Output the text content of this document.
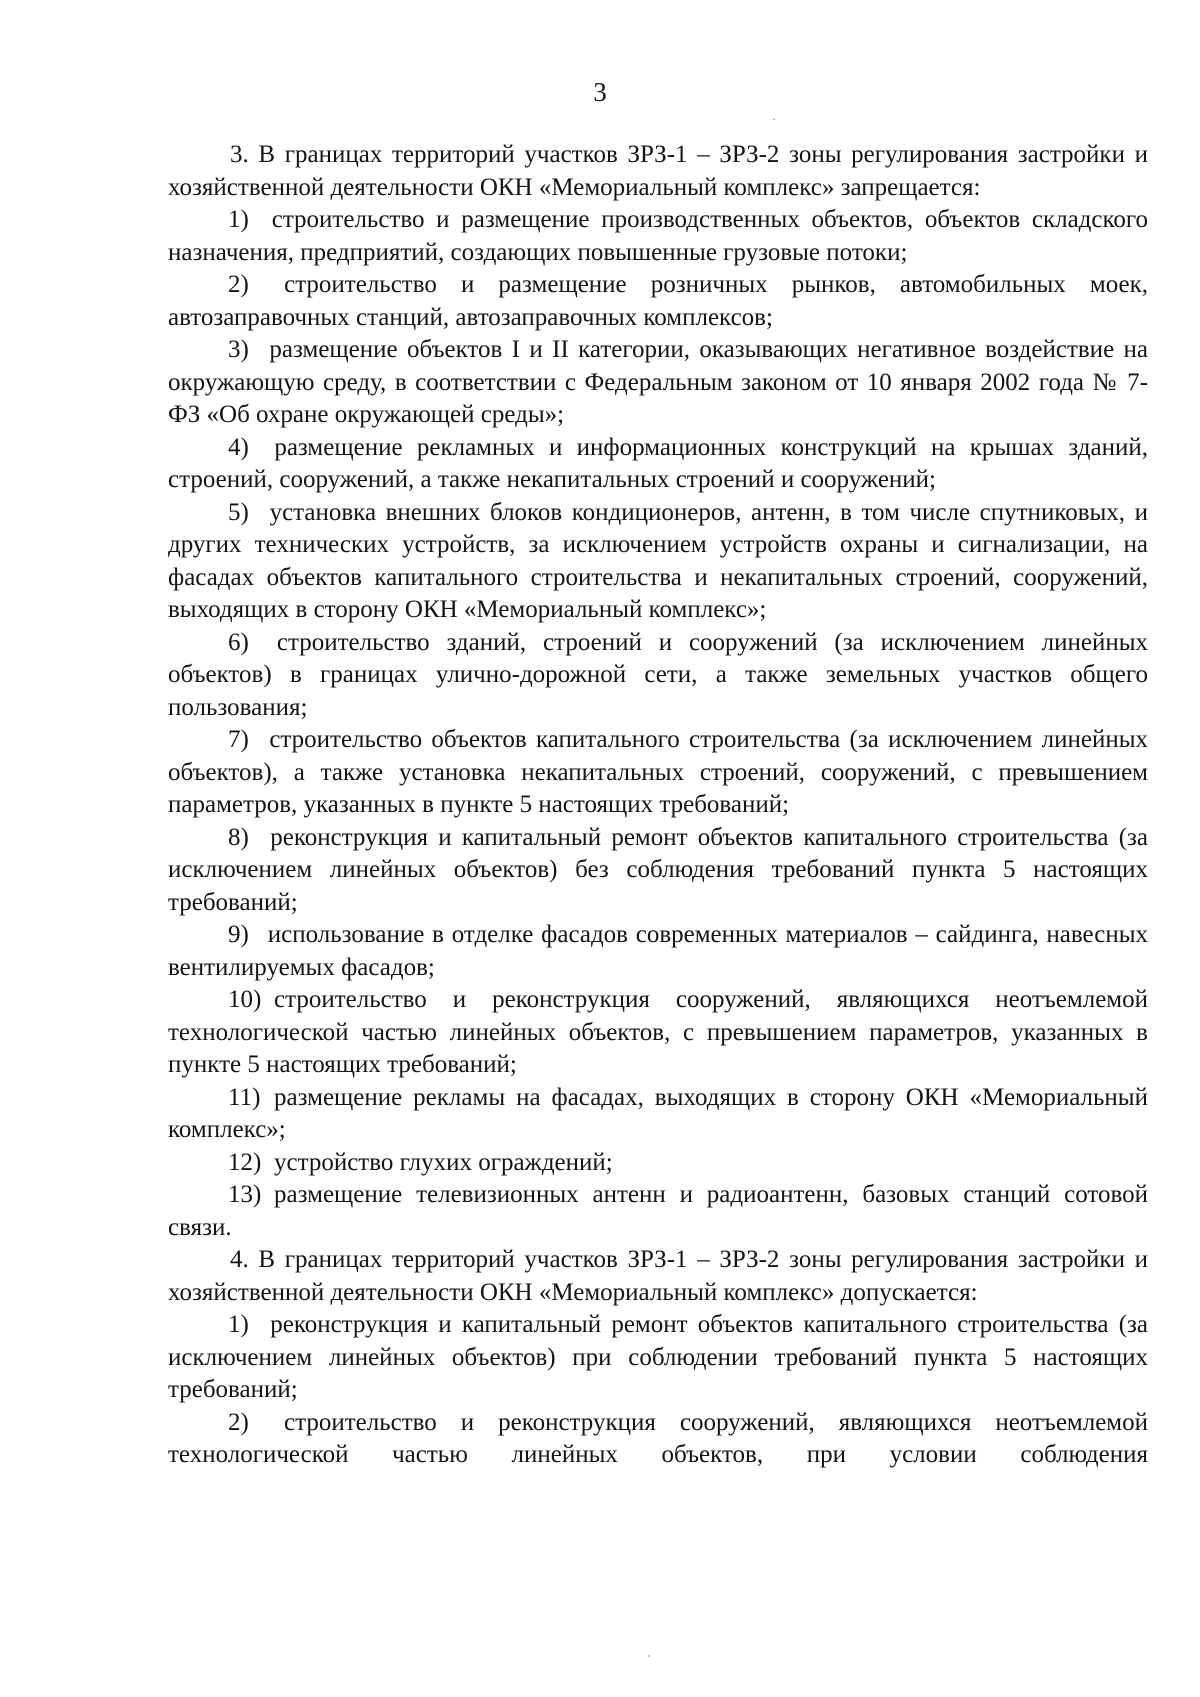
3

3. В границах территорий участков ЗРЗ-1 – ЗРЗ-2 зоны регулирования застройки и хозяйственной деятельности ОКН «Мемориальный комплекс» запрещается:

1) строительство и размещение производственных объектов, объектов складского назначения, предприятий, создающих повышенные грузовые потоки;

2) строительство и размещение розничных рынков, автомобильных моек, автозаправочных станций, автозаправочных комплексов;

3) размещение объектов I и II категории, оказывающих негативное воздействие на окружающую среду, в соответствии с Федеральным законом от 10 января 2002 года № 7-ФЗ «Об охране окружающей среды»;

4) размещение рекламных и информационных конструкций на крышах зданий, строений, сооружений, а также некапитальных строений и сооружений;

5) установка внешних блоков кондиционеров, антенн, в том числе спутниковых, и других технических устройств, за исключением устройств охраны и сигнализации, на фасадах объектов капитального строительства и некапитальных строений, сооружений, выходящих в сторону ОКН «Мемориальный комплекс»;

6) строительство зданий, строений и сооружений (за исключением линейных объектов) в границах улично-дорожной сети, а также земельных участков общего пользования;

7) строительство объектов капитального строительства (за исключением линейных объектов), а также установка некапитальных строений, сооружений, с превышением параметров, указанных в пункте 5 настоящих требований;

8) реконструкция и капитальный ремонт объектов капитального строительства (за исключением линейных объектов) без соблюдения требований пункта 5 настоящих требований;

9) использование в отделке фасадов современных материалов – сайдинга, навесных вентилируемых фасадов;

10) строительство и реконструкция сооружений, являющихся неотъемлемой технологической частью линейных объектов, с превышением параметров, указанных в пункте 5 настоящих требований;

11) размещение рекламы на фасадах, выходящих в сторону ОКН «Мемориальный комплекс»;

12) устройство глухих ограждений;

13) размещение телевизионных антенн и радиоантенн, базовых станций сотовой связи.

4. В границах территорий участков ЗРЗ-1 – ЗРЗ-2 зоны регулирования застройки и хозяйственной деятельности ОКН «Мемориальный комплекс» допускается:

1) реконструкция и капитальный ремонт объектов капитального строительства (за исключением линейных объектов) при соблюдении требований пункта 5 настоящих требований;

2) строительство и реконструкция сооружений, являющихся неотъемлемой технологической частью линейных объектов, при условии соблюдения
